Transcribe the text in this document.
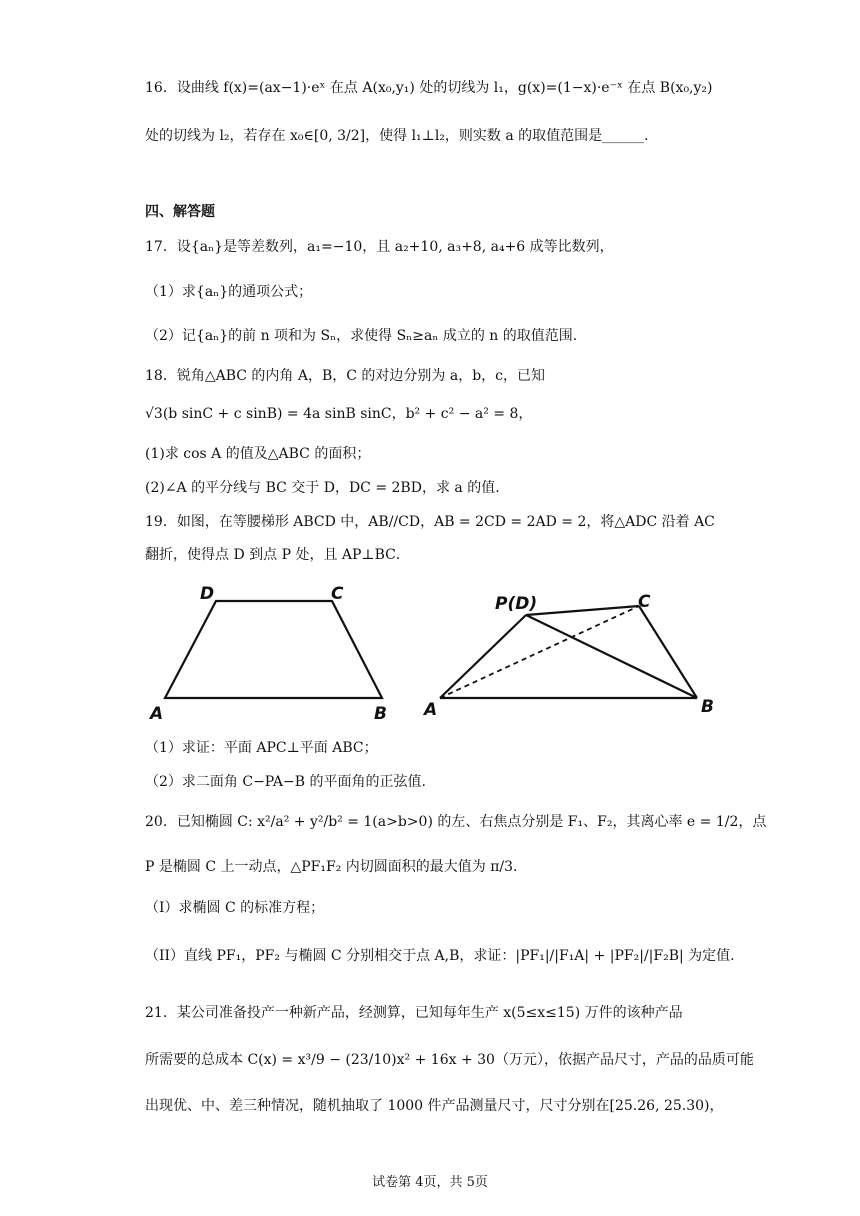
16．设曲线 f(x)=(ax−1)·eˣ 在点 A(x₀,y₁) 处的切线为 l₁，g(x)=(1−x)·e⁻ˣ 在点 B(x₀,y₂)
处的切线为 l₂，若存在 x₀∈[0, 3/2]，使得 l₁⊥l₂，则实数 a 的取值范围是______．
四、解答题
17．设{aₙ}是等差数列，a₁=−10，且 a₂+10, a₃+8, a₄+6 成等比数列，
（1）求{aₙ}的通项公式；
（2）记{aₙ}的前 n 项和为 Sₙ，求使得 Sₙ≥aₙ 成立的 n 的取值范围.
18．锐角△ABC 的内角 A，B，C 的对边分别为 a，b，c，已知
√3(b sinC + c sinB) = 4a sinB sinC，b² + c² − a² = 8，
(1)求 cos A 的值及△ABC 的面积；
(2)∠A 的平分线与 BC 交于 D，DC = 2BD，求 a 的值.
19．如图，在等腰梯形 ABCD 中，AB//CD，AB = 2CD = 2AD = 2，将△ADC 沿着 AC
翻折，使得点 D 到点 P 处，且 AP⊥BC．
D	C
A	B
P(D)	C
A	B
（1）求证：平面 APC⊥平面 ABC；
（2）求二面角 C−PA−B 的平面角的正弦值.
20．已知椭圆 C: x²/a² + y²/b² = 1(a>b>0) 的左、右焦点分别是 F₁、F₂，其离心率 e = 1/2，点
P 是椭圆 C 上一动点，△PF₁F₂ 内切圆面积的最大值为 π/3．
（I）求椭圆 C 的标准方程；
（II）直线 PF₁，PF₂ 与椭圆 C 分别相交于点 A,B，求证：|PF₁|/|F₁A| + |PF₂|/|F₂B| 为定值.
21．某公司准备投产一种新产品，经测算，已知每年生产 x(5≤x≤15) 万件的该种产品
所需要的总成本 C(x) = x³/9 − (23/10)x² + 16x + 30（万元），依据产品尺寸，产品的品质可能
出现优、中、差三种情况，随机抽取了 1000 件产品测量尺寸，尺寸分别在[25.26, 25.30)，
试卷第 4页，共 5页
